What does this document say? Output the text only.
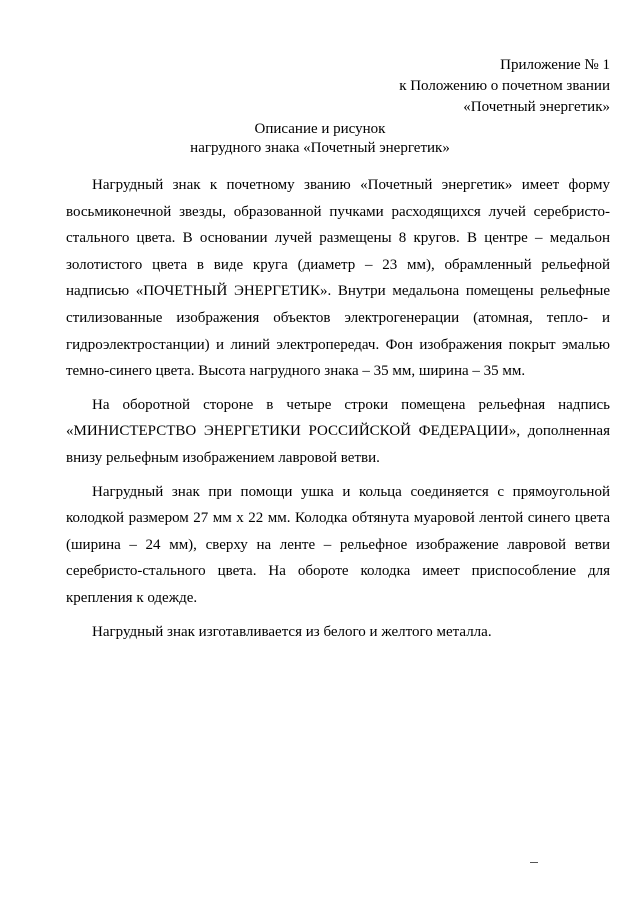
Приложение № 1
к Положению о почетном звании
«Почетный энергетик»
Описание и рисунок
нагрудного знака «Почетный энергетик»

Нагрудный знак к почетному званию «Почетный энергетик» имеет форму восьмиконечной звезды, образованной пучками расходящихся лучей серебристо-стального цвета. В основании лучей размещены 8 кругов. В центре – медальон золотистого цвета в виде круга (диаметр – 23 мм), обрамленный рельефной надписью «ПОЧЕТНЫЙ ЭНЕРГЕТИК». Внутри медальона помещены рельефные стилизованные изображения объектов электрогенерации (атомная, тепло- и гидроэлектростанции) и линий электропередач. Фон изображения покрыт эмалью темно-синего цвета. Высота нагрудного знака – 35 мм, ширина – 35 мм.

На оборотной стороне в четыре строки помещена рельефная надпись «МИНИСТЕРСТВО ЭНЕРГЕТИКИ РОССИЙСКОЙ ФЕДЕРАЦИИ», дополненная внизу рельефным изображением лавровой ветви.

Нагрудный знак при помощи ушка и кольца соединяется с прямоугольной колодкой размером 27 мм х 22 мм. Колодка обтянута муаровой лентой синего цвета (ширина – 24 мм), сверху на ленте – рельефное изображение лавровой ветви серебристо-стального цвета. На обороте колодка имеет приспособление для крепления к одежде.

Нагрудный знак изготавливается из белого и желтого металла.
